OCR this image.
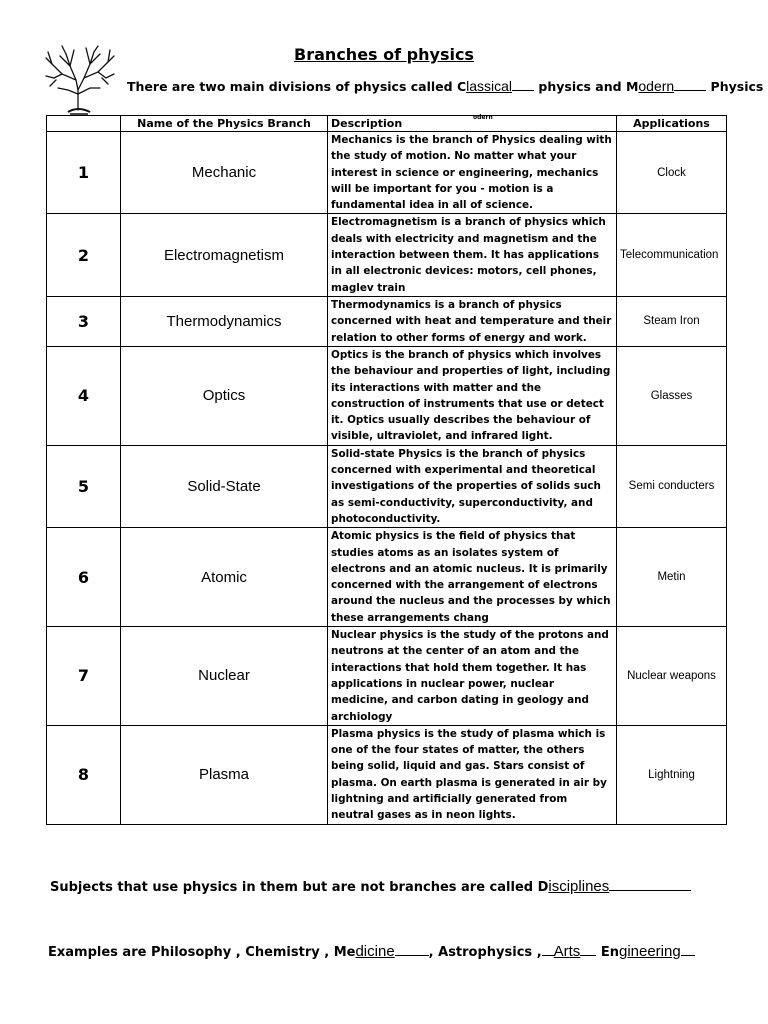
Branches of physics
There are two main divisions of physics called Classical physics and Modern	Physics
odern
	Name of the Physics Branch	Description	Applications
1	Mechanic	Mechanics is the branch of Physics dealing with the study of motion. No matter what your interest in science or engineering, mechanics will be important for you - motion is a fundamental idea in all of science.	Clock
2	Electromagnetism	Electromagnetism is a branch of physics which deals with electricity and magnetism and the interaction between them. It has applications in all electronic devices: motors, cell phones, maglev train	Telecommunication
3	Thermodynamics	Thermodynamics is a branch of physics concerned with heat and temperature and their relation to other forms of energy and work.	Steam Iron
4	Optics	Optics is the branch of physics which involves the behaviour and properties of light, including its interactions with matter and the construction of instruments that use or detect it. Optics usually describes the behaviour of visible, ultraviolet, and infrared light.	Glasses
5	Solid-State	Solid-state Physics is the branch of physics concerned with experimental and theoretical investigations of the properties of solids such as semi-conductivity, superconductivity, and photoconductivity.	Semi conducters
6	Atomic	Atomic physics is the field of physics that studies atoms as an isolates system of electrons and an atomic nucleus. It is primarily concerned with the arrangement of electrons around the nucleus and the processes by which these arrangements chang	Metin
7	Nuclear	Nuclear physics is the study of the protons and neutrons at the center of an atom and the interactions that hold them together. It has applications in nuclear power, nuclear medicine, and carbon dating in geology and archiology	Nuclear weapons
8	Plasma	Plasma physics is the study of plasma which is one of the four states of matter, the others being solid, liquid and gas. Stars consist of plasma. On earth plasma is generated in air by lightning and artificially generated from neutral gases as in neon lights.	Lightning
Subjects that use physics in them but are not branches are called Disciplines
Examples are Philosophy , Chemistry , Medicine	, Astrophysics , Arts Engineering
